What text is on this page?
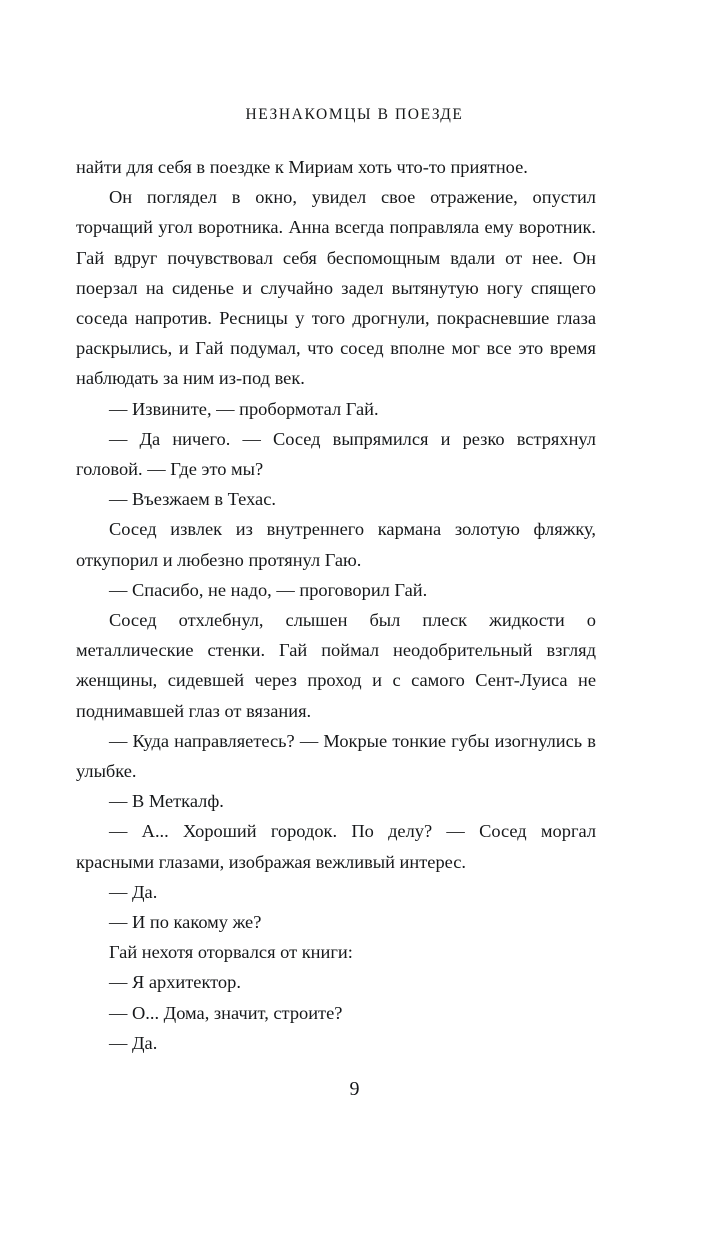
НЕЗНАКОМЦЫ В ПОЕЗДЕ

найти для себя в поездке к Мириам хоть что-то приятное.

Он поглядел в окно, увидел свое отражение, опустил торчащий угол воротника. Анна всегда поправляла ему воротник. Гай вдруг почувствовал себя беспомощным вдали от нее. Он поерзал на сиденье и случайно задел вытянутую ногу спящего соседа напротив. Ресницы у того дрогнули, покрасневшие глаза раскрылись, и Гай подумал, что сосед вполне мог все это время наблюдать за ним из-под век.

— Извините, — пробормотал Гай.

— Да ничего. — Сосед выпрямился и резко встряхнул головой. — Где это мы?

— Въезжаем в Техас.

Сосед извлек из внутреннего кармана золотую фляжку, откупорил и любезно протянул Гаю.

— Спасибо, не надо, — проговорил Гай.

Сосед отхлебнул, слышен был плеск жидкости о металлические стенки. Гай поймал неодобрительный взгляд женщины, сидевшей через проход и с самого Сент-Луиса не поднимавшей глаз от вязания.

— Куда направляетесь? — Мокрые тонкие губы изогнулись в улыбке.

— В Меткалф.

— А... Хороший городок. По делу? — Сосед моргал красными глазами, изображая вежливый интерес.

— Да.

— И по какому же?

Гай нехотя оторвался от книги:

— Я архитектор.

— О... Дома, значит, строите?

— Да.

9
